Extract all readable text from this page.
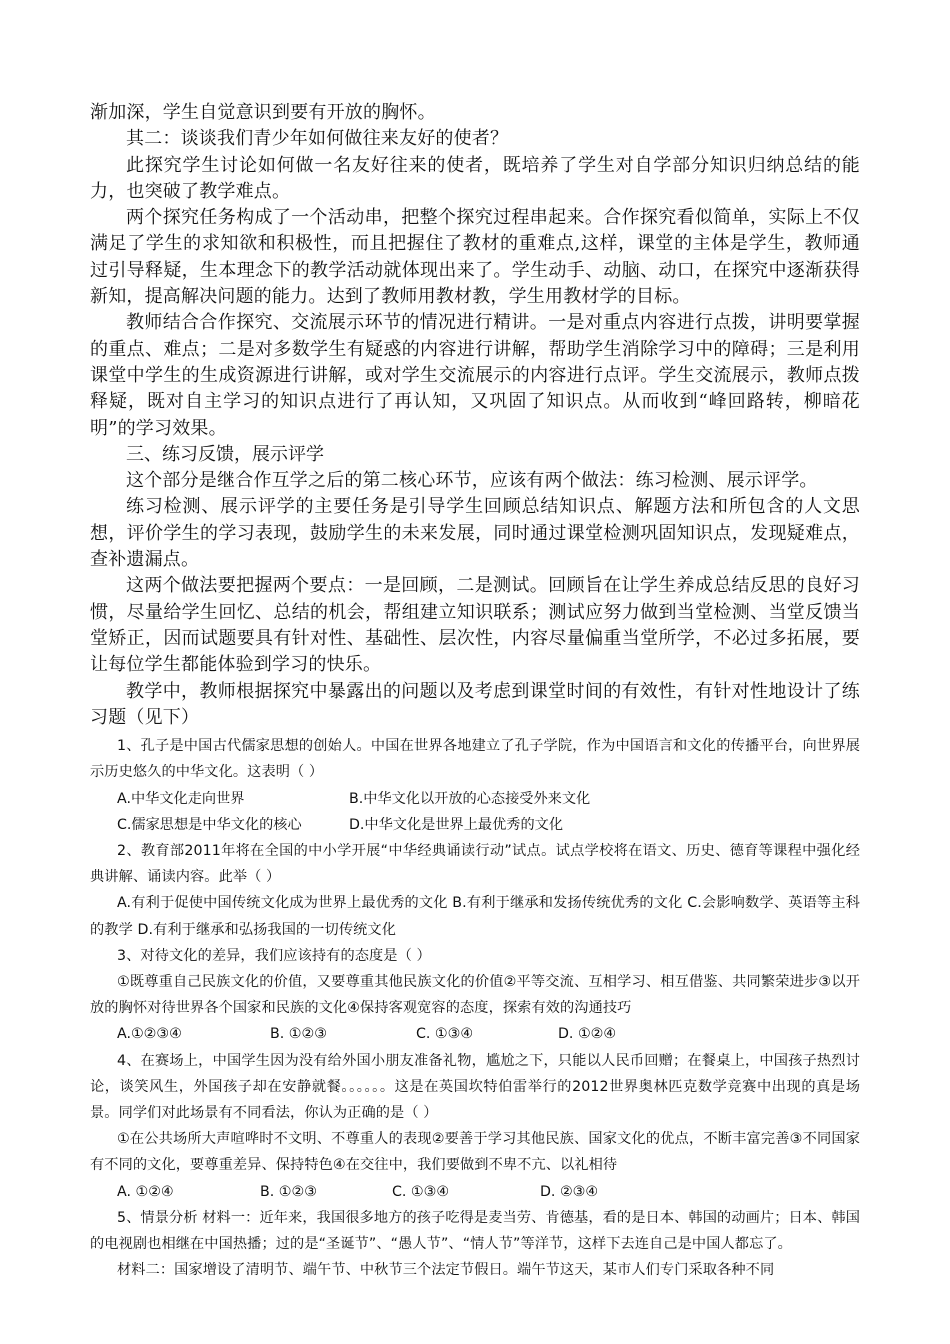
渐加深，学生自觉意识到要有开放的胸怀。

其二：谈谈我们青少年如何做往来友好的使者？

此探究学生讨论如何做一名友好往来的使者，既培养了学生对自学部分知识归纳总结的能力，也突破了教学难点。

两个探究任务构成了一个活动串，把整个探究过程串起来。合作探究看似简单，实际上不仅满足了学生的求知欲和积极性，而且把握住了教材的重难点,这样，课堂的主体是学生，教师通过引导释疑，生本理念下的教学活动就体现出来了。学生动手、动脑、动口，在探究中逐渐获得新知，提高解决问题的能力。达到了教师用教材教，学生用教材学的目标。

教师结合合作探究、交流展示环节的情况进行精讲。一是对重点内容进行点拨，讲明要掌握的重点、难点；二是对多数学生有疑惑的内容进行讲解，帮助学生消除学习中的障碍；三是利用课堂中学生的生成资源进行讲解，或对学生交流展示的内容进行点评。学生交流展示，教师点拨释疑，既对自主学习的知识点进行了再认知，又巩固了知识点。从而收到“峰回路转，柳暗花明”的学习效果。

三、练习反馈，展示评学

这个部分是继合作互学之后的第二核心环节，应该有两个做法：练习检测、展示评学。

练习检测、展示评学的主要任务是引导学生回顾总结知识点、解题方法和所包含的人文思想，评价学生的学习表现，鼓励学生的未来发展，同时通过课堂检测巩固知识点，发现疑难点，查补遗漏点。

这两个做法要把握两个要点：一是回顾，二是测试。回顾旨在让学生养成总结反思的良好习惯，尽量给学生回忆、总结的机会，帮组建立知识联系；测试应努力做到当堂检测、当堂反馈当堂矫正，因而试题要具有针对性、基础性、层次性，内容尽量偏重当堂所学，不必过多拓展，要让每位学生都能体验到学习的快乐。

教学中，教师根据探究中暴露出的问题以及考虑到课堂时间的有效性，有针对性地设计了练习题（见下）

1、孔子是中国古代儒家思想的创始人。中国在世界各地建立了孔子学院，作为中国语言和文化的传播平台，向世界展示历史悠久的中华文化。这表明（ ）

A.中华文化走向世界	B.中华文化以开放的心态接受外来文化
C.儒家思想是中华文化的核心	D.中华文化是世界上最优秀的文化

2、教育部2011年将在全国的中小学开展“中华经典诵读行动”试点。试点学校将在语文、历史、德育等课程中强化经典讲解、诵读内容。此举（ ）

A.有利于促使中国传统文化成为世界上最优秀的文化 B.有利于继承和发扬传统优秀的文化 C.会影响数学、英语等主科的教学 D.有利于继承和弘扬我国的一切传统文化

3、对待文化的差异，我们应该持有的态度是（ ）

①既尊重自己民族文化的价值，又要尊重其他民族文化的价值②平等交流、互相学习、相互借鉴、共同繁荣进步③以开放的胸怀对待世界各个国家和民族的文化④保持客观宽容的态度，探索有效的沟通技巧

A.①②③④	B. ①②③	C. ①③④	D. ①②④

4、在赛场上，中国学生因为没有给外国小朋友准备礼物，尴尬之下，只能以人民币回赠；在餐桌上，中国孩子热烈讨论，谈笑风生，外国孩子却在安静就餐。。。。。。这是在英国坎特伯雷举行的2012世界奥林匹克数学竞赛中出现的真是场景。同学们对此场景有不同看法，你认为正确的是（ ）

①在公共场所大声喧哗时不文明、不尊重人的表现②要善于学习其他民族、国家文化的优点，不断丰富完善③不同国家有不同的文化，要尊重差异、保持特色④在交往中，我们要做到不卑不亢、以礼相待

A. ①②④	B. ①②③	C. ①③④	D. ②③④

5、情景分析 材料一：近年来，我国很多地方的孩子吃得是麦当劳、肯德基，看的是日本、韩国的动画片；日本、韩国的电视剧也相继在中国热播；过的是“圣诞节”、“愚人节”、“情人节”等洋节，这样下去连自己是中国人都忘了。

材料二：国家增设了清明节、端午节、中秋节三个法定节假日。端午节这天，某市人们专门采取各种不同
